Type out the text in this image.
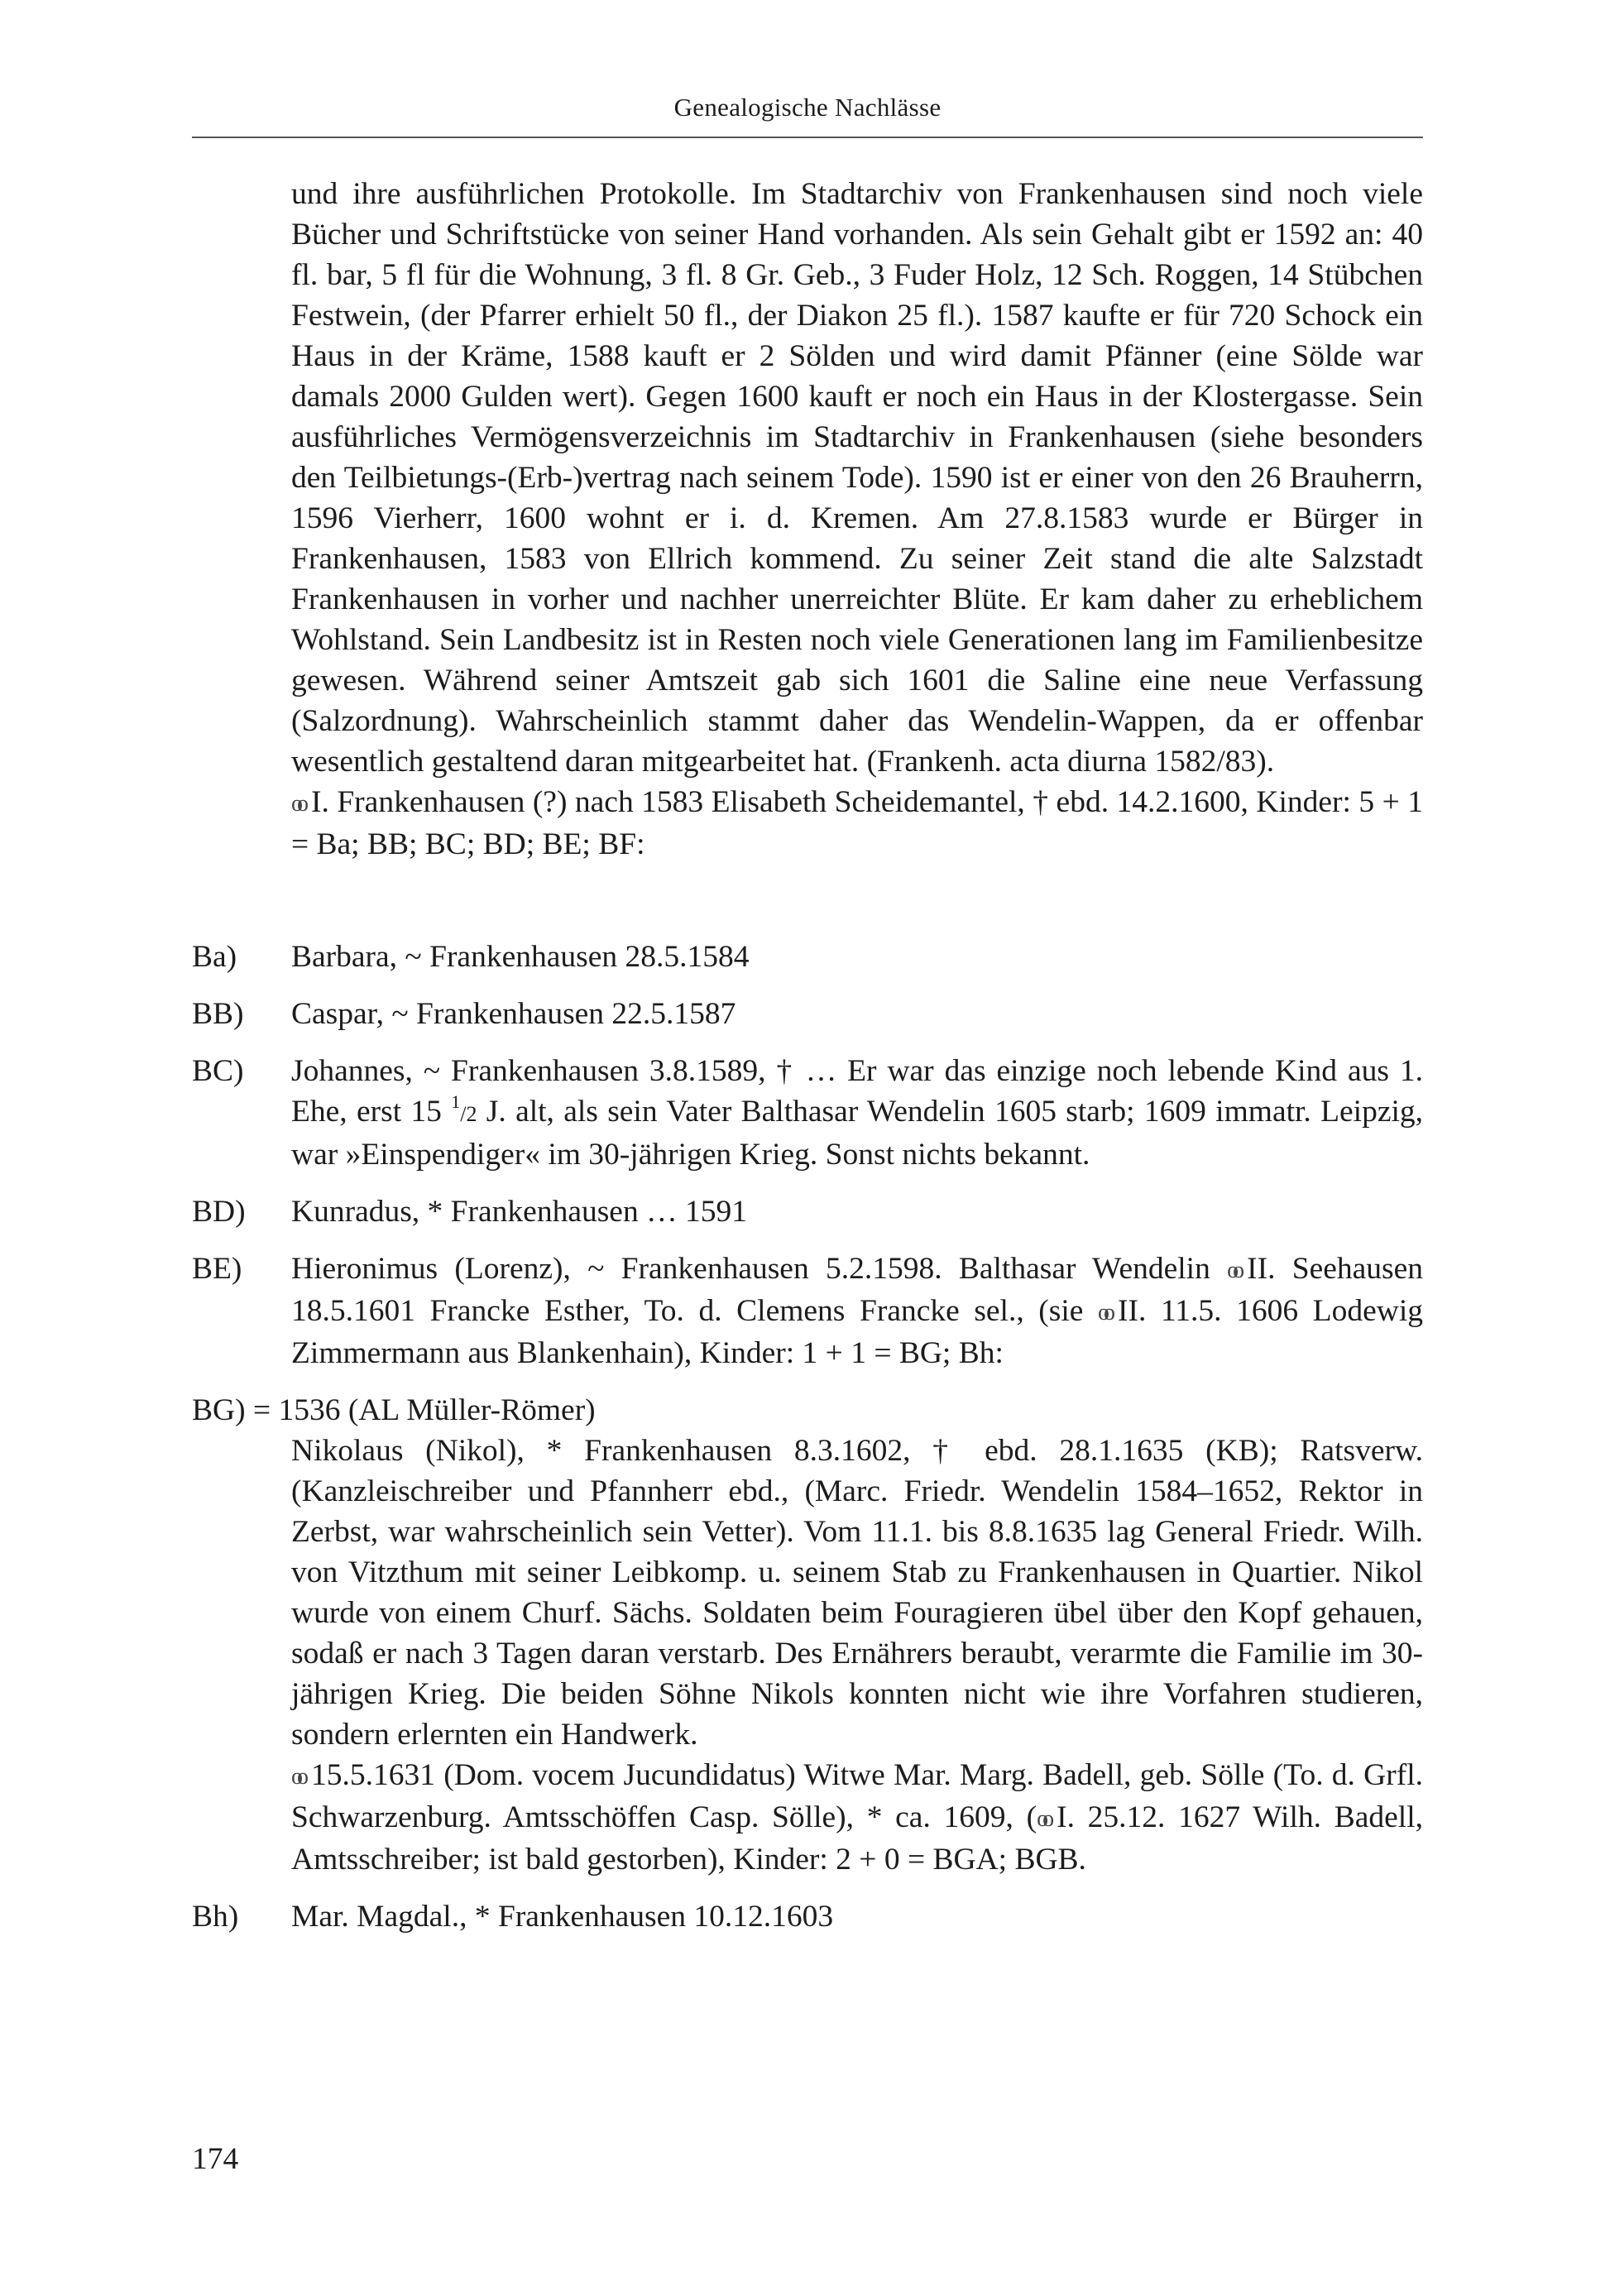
Genealogische Nachlässe

und ihre ausführlichen Protokolle. Im Stadtarchiv von Frankenhausen sind noch viele Bücher und Schriftstücke von seiner Hand vorhanden. Als sein Gehalt gibt er 1592 an: 40 fl. bar, 5 fl für die Wohnung, 3 fl. 8 Gr. Geb., 3 Fuder Holz, 12 Sch. Roggen, 14 Stübchen Festwein, (der Pfarrer erhielt 50 fl., der Diakon 25 fl.). 1587 kaufte er für 720 Schock ein Haus in der Kräme, 1588 kauft er 2 Sölden und wird damit Pfänner (eine Sölde war damals 2000 Gulden wert). Gegen 1600 kauft er noch ein Haus in der Klostergasse. Sein ausführliches Vermögensverzeichnis im Stadtarchiv in Frankenhausen (siehe besonders den Teilbietungs-(Erb-)vertrag nach seinem Tode). 1590 ist er einer von den 26 Brauherrn, 1596 Vierherr, 1600 wohnt er i. d. Kremen. Am 27.8.1583 wurde er Bürger in Frankenhausen, 1583 von Ellrich kommend. Zu seiner Zeit stand die alte Salzstadt Frankenhausen in vorher und nachher unerreichter Blüte. Er kam daher zu erheblichem Wohlstand. Sein Landbesitz ist in Resten noch viele Generationen lang im Familienbesitze gewesen. Während seiner Amtszeit gab sich 1601 die Saline eine neue Verfassung (Salzordnung). Wahrscheinlich stammt daher das Wendelin-Wappen, da er offenbar wesentlich gestaltend daran mitgearbeitet hat. (Frankenh. acta diurna 1582/83).

oo I. Frankenhausen (?) nach 1583 Elisabeth Scheidemantel, † ebd. 14.2.1600, Kinder: 5 + 1 = Ba; BB; BC; BD; BE; BF:

Ba) Barbara, ~ Frankenhausen 28.5.1584

BB) Caspar, ~ Frankenhausen 22.5.1587

BC) Johannes, ~ Frankenhausen 3.8.1589, † … Er war das einzige noch lebende Kind aus 1. Ehe, erst 15 $^1$/2 J. alt, als sein Vater Balthasar Wendelin 1605 starb; 1609 immatr. Leipzig, war »Einspendiger« im 30-jährigen Krieg. Sonst nichts bekannt.

BD) Kunradus, * Frankenhausen … 1591

BE) Hieronimus (Lorenz), ~ Frankenhausen 5.2.1598. Balthasar Wendelin oo II. Seehausen 18.5.1601 Francke Esther, To. d. Clemens Francke sel., (sie oo II. 11.5. 1606 Lodewig Zimmermann aus Blankenhain), Kinder: 1 + 1 = BG; Bh:

BG) = 1536 (AL Müller-Römer)

Nikolaus (Nikol), * Frankenhausen 8.3.1602, † ebd. 28.1.1635 (KB); Ratsverw. (Kanzleischreiber und Pfannherr ebd., (Marc. Friedr. Wendelin 1584–1652, Rektor in Zerbst, war wahrscheinlich sein Vetter). Vom 11.1. bis 8.8.1635 lag General Friedr. Wilh. von Vitzthum mit seiner Leibkomp. u. seinem Stab zu Frankenhausen in Quartier. Nikol wurde von einem Churf. Sächs. Soldaten beim Fouragieren übel über den Kopf gehauen, sodaß er nach 3 Tagen daran verstarb. Des Ernährers beraubt, verarmte die Familie im 30-jährigen Krieg. Die beiden Söhne Nikols konnten nicht wie ihre Vorfahren studieren, sondern erlernten ein Handwerk.

oo 15.5.1631 (Dom. vocem Jucundidatus) Witwe Mar. Marg. Badell, geb. Sölle (To. d. Grfl. Schwarzenburg. Amtsschöffen Casp. Sölle), * ca. 1609, (oo I. 25.12. 1627 Wilh. Badell, Amtsschreiber; ist bald gestorben), Kinder: 2 + 0 = BGA; BGB.

Bh) Mar. Magdal., * Frankenhausen 10.12.1603

174
